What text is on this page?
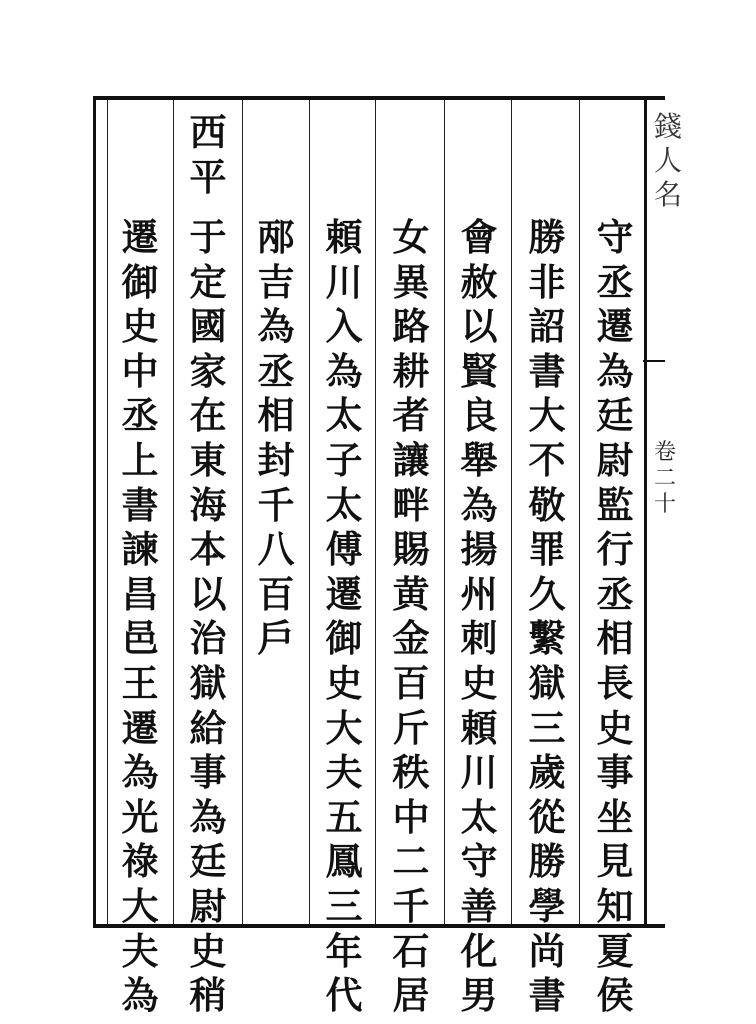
錢
人
名
卷
二
十
守
丞
遷
為
廷
尉
監
行
丞
相
長
史
事
坐
見
知
夏
侯
勝
非
詔
書
大
不
敬
罪
久
繫
獄
三
歲
從
勝
學
尚
書
會
赦
以
賢
良
舉
為
揚
州
刺
史
頼
川
太
守
善
化
男
女
異
路
耕
者
讓
畔
賜
黄
金
百
斤
秩
中
二
千
石
居
頼
川
入
為
太
子
太
傅
遷
御
史
大
夫
五
鳳
三
年
代
邴
吉
為
丞
相
封
千
八
百
戶
西
平
于
定
國
家
在
東
海
本
以
治
獄
給
事
為
廷
尉
史
稍
遷
御
史
中
丞
上
書
諫
昌
邑
王
遷
為
光
祿
大
夫
為
